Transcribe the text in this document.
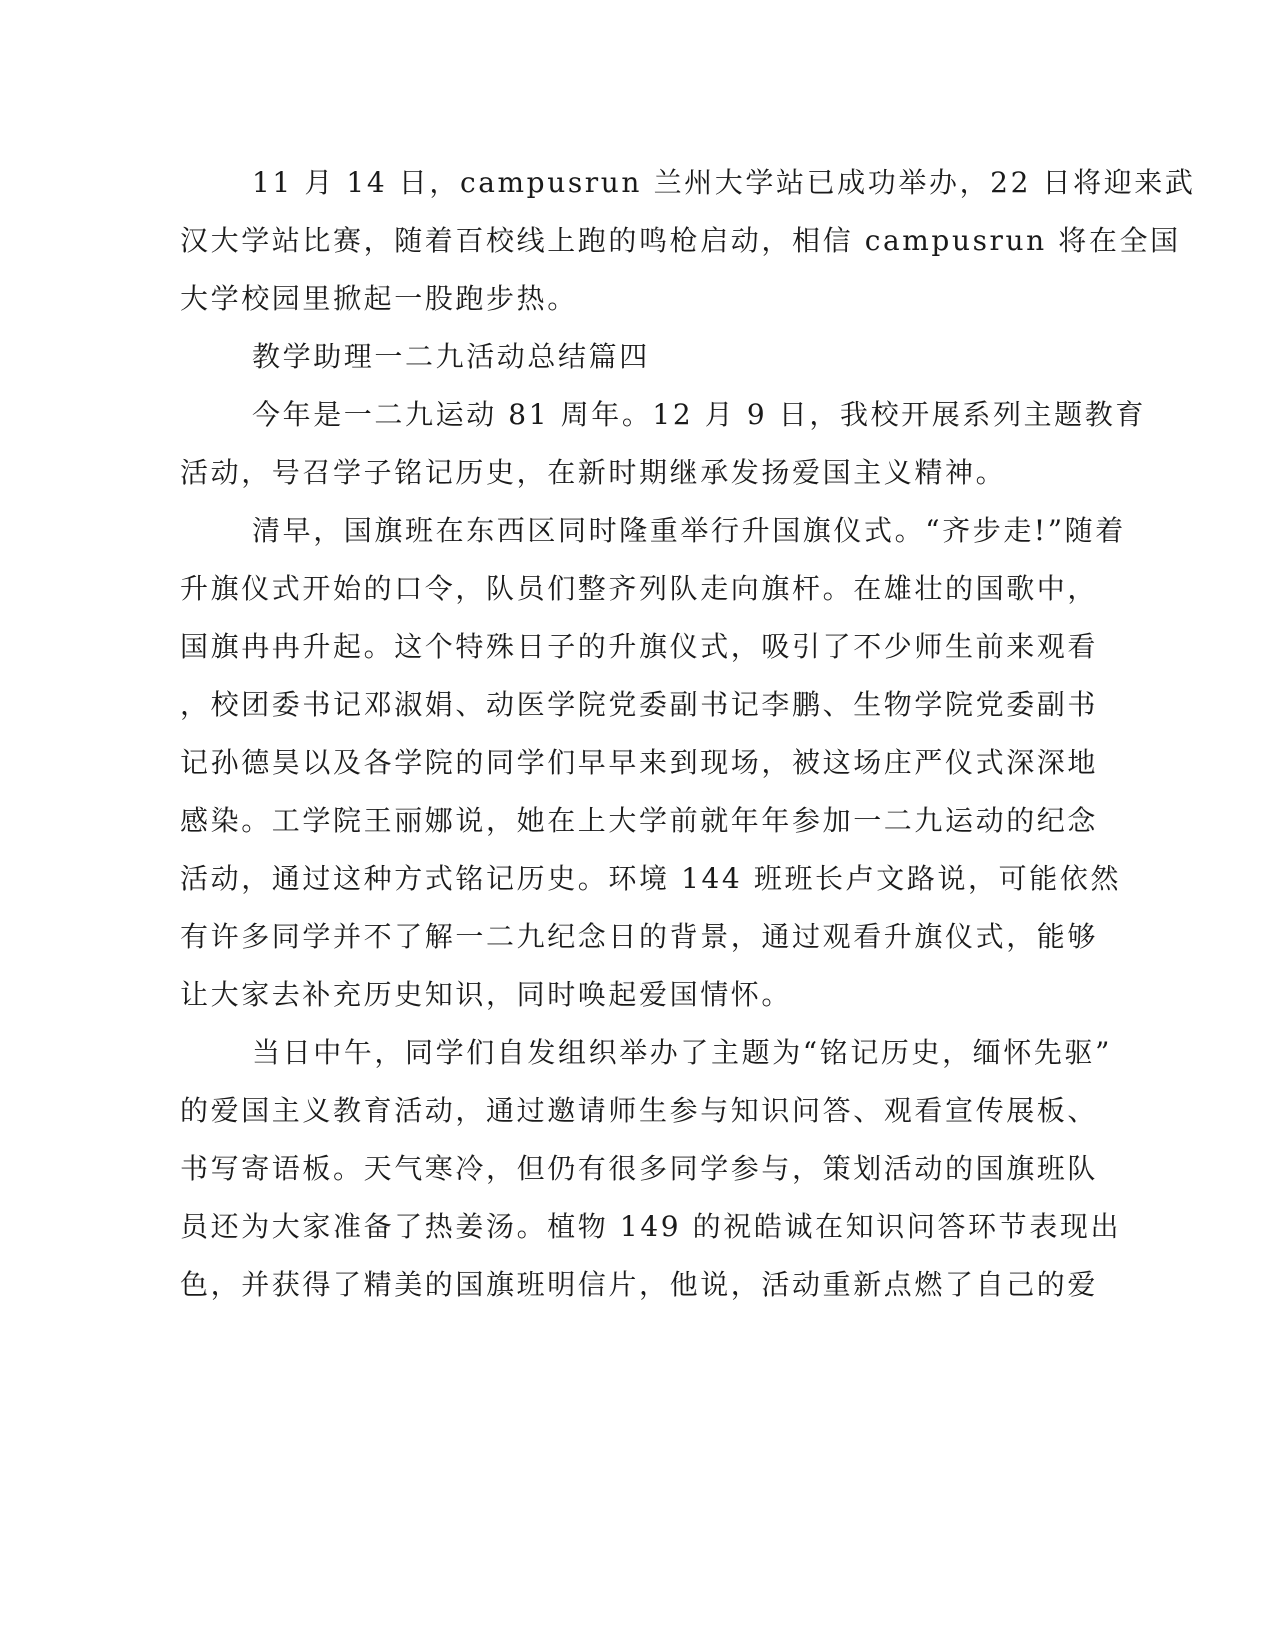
11 月 14 日，campusrun 兰州大学站已成功举办，22 日将迎来武
汉大学站比赛，随着百校线上跑的鸣枪启动，相信 campusrun 将在全国
大学校园里掀起一股跑步热。
教学助理一二九活动总结篇四
今年是一二九运动 81 周年。12 月 9 日，我校开展系列主题教育
活动，号召学子铭记历史，在新时期继承发扬爱国主义精神。
清早，国旗班在东西区同时隆重举行升国旗仪式。“齐步走!”随着
升旗仪式开始的口令，队员们整齐列队走向旗杆。在雄壮的国歌中，
国旗冉冉升起。这个特殊日子的升旗仪式，吸引了不少师生前来观看
，校团委书记邓淑娟、动医学院党委副书记李鹏、生物学院党委副书
记孙德昊以及各学院的同学们早早来到现场，被这场庄严仪式深深地
感染。工学院王丽娜说，她在上大学前就年年参加一二九运动的纪念
活动，通过这种方式铭记历史。环境 144 班班长卢文路说，可能依然
有许多同学并不了解一二九纪念日的背景，通过观看升旗仪式，能够
让大家去补充历史知识，同时唤起爱国情怀。
当日中午，同学们自发组织举办了主题为“铭记历史，缅怀先驱”
的爱国主义教育活动，通过邀请师生参与知识问答、观看宣传展板、
书写寄语板。天气寒冷，但仍有很多同学参与，策划活动的国旗班队
员还为大家准备了热姜汤。植物 149 的祝皓诚在知识问答环节表现出
色，并获得了精美的国旗班明信片，他说，活动重新点燃了自己的爱
